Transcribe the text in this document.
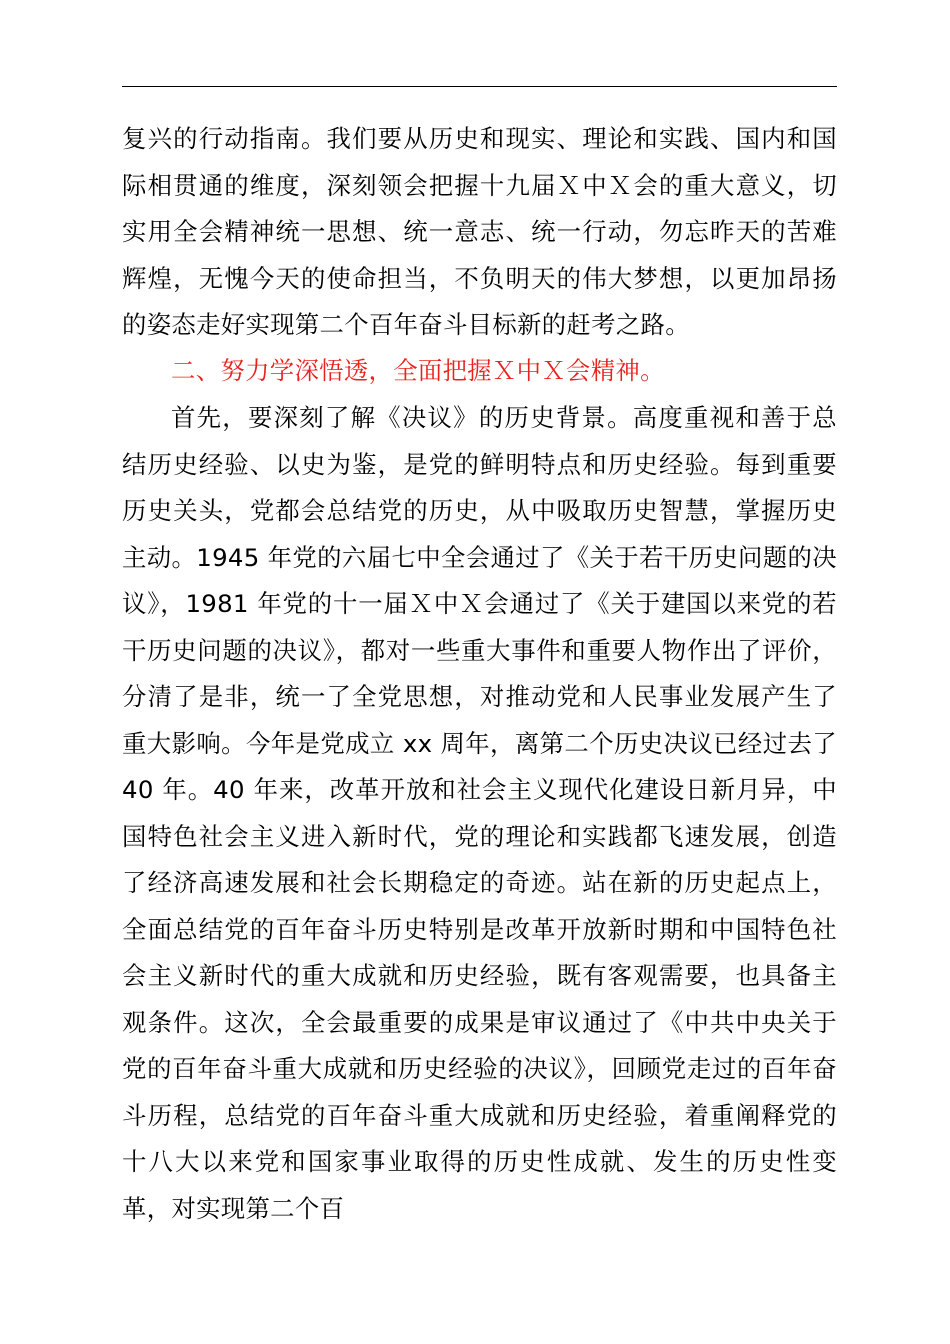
复兴的行动指南。我们要从历史和现实、理论和实践、国内和国际相贯通的维度，深刻领会把握十九届Ｘ中Ｘ会的重大意义，切实用全会精神统一思想、统一意志、统一行动，勿忘昨天的苦难辉煌，无愧今天的使命担当，不负明天的伟大梦想，以更加昂扬的姿态走好实现第二个百年奋斗目标新的赶考之路。

二、努力学深悟透，全面把握Ｘ中Ｘ会精神。

首先，要深刻了解《决议》的历史背景。高度重视和善于总结历史经验、以史为鉴，是党的鲜明特点和历史经验。每到重要历史关头，党都会总结党的历史，从中吸取历史智慧，掌握历史主动。1945 年党的六届七中全会通过了《关于若干历史问题的决议》，1981 年党的十一届Ｘ中Ｘ会通过了《关于建国以来党的若干历史问题的决议》，都对一些重大事件和重要人物作出了评价，分清了是非，统一了全党思想，对推动党和人民事业发展产生了重大影响。今年是党成立 xx 周年，离第二个历史决议已经过去了 40 年。40 年来，改革开放和社会主义现代化建设日新月异，中国特色社会主义进入新时代，党的理论和实践都飞速发展，创造了经济高速发展和社会长期稳定的奇迹。站在新的历史起点上，全面总结党的百年奋斗历史特别是改革开放新时期和中国特色社会主义新时代的重大成就和历史经验，既有客观需要，也具备主观条件。这次，全会最重要的成果是审议通过了《中共中央关于党的百年奋斗重大成就和历史经验的决议》，回顾党走过的百年奋斗历程，总结党的百年奋斗重大成就和历史经验，着重阐释党的十八大以来党和国家事业取得的历史性成就、发生的历史性变革，对实现第二个百
